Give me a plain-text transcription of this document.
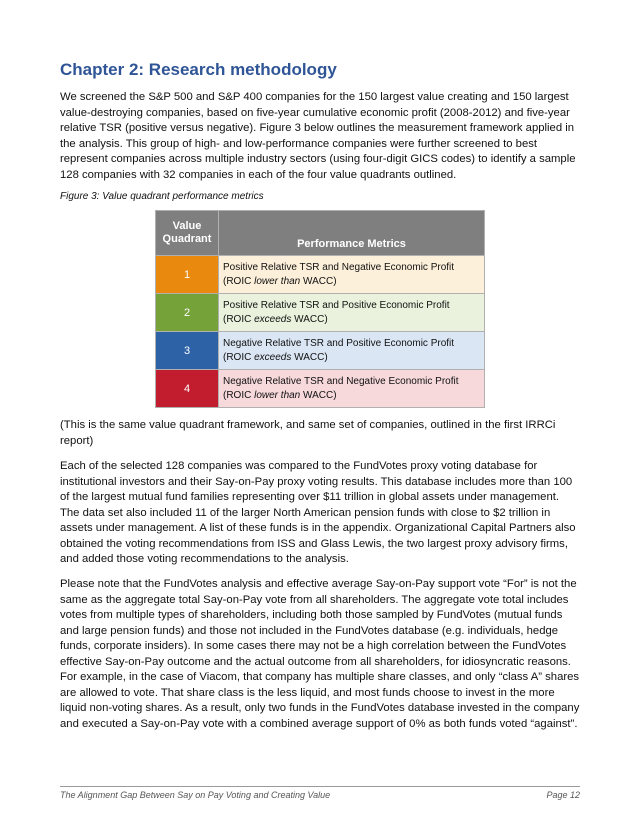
Chapter 2: Research methodology

We screened the S&P 500 and S&P 400 companies for the 150 largest value creating and 150 largest value-destroying companies, based on five-year cumulative economic profit (2008-2012) and five-year relative TSR (positive versus negative). Figure 3 below outlines the measurement framework applied in the analysis. This group of high- and low-performance companies were further screened to best represent companies across multiple industry sectors (using four-digit GICS codes) to identify a sample 128 companies with 32 companies in each of the four value quadrants outlined.

Figure 3: Value quadrant performance metrics

Value Quadrant	Performance Metrics
1	Positive Relative TSR and Negative Economic Profit
(ROIC lower than WACC)
2	Positive Relative TSR and Positive Economic Profit
(ROIC exceeds WACC)
3	Negative Relative TSR and Positive Economic Profit
(ROIC exceeds WACC)
4	Negative Relative TSR and Negative Economic Profit
(ROIC lower than WACC)

(This is the same value quadrant framework, and same set of companies, outlined in the first IRRCi report)

Each of the selected 128 companies was compared to the FundVotes proxy voting database for institutional investors and their Say-on-Pay proxy voting results. This database includes more than 100 of the largest mutual fund families representing over $11 trillion in global assets under management. The data set also included 11 of the larger North American pension funds with close to $2 trillion in assets under management. A list of these funds is in the appendix. Organizational Capital Partners also obtained the voting recommendations from ISS and Glass Lewis, the two largest proxy advisory firms, and added those voting recommendations to the analysis.

Please note that the FundVotes analysis and effective average Say-on-Pay support vote “For” is not the same as the aggregate total Say-on-Pay vote from all shareholders. The aggregate vote total includes votes from multiple types of shareholders, including both those sampled by FundVotes (mutual funds and large pension funds) and those not included in the FundVotes database (e.g. individuals, hedge funds, corporate insiders). In some cases there may not be a high correlation between the FundVotes effective Say-on-Pay outcome and the actual outcome from all shareholders, for idiosyncratic reasons. For example, in the case of Viacom, that company has multiple share classes, and only “class A” shares are allowed to vote. That share class is the less liquid, and most funds choose to invest in the more liquid non-voting shares. As a result, only two funds in the FundVotes database invested in the company and executed a Say-on-Pay vote with a combined average support of 0% as both funds voted “against”.

The Alignment Gap Between Say on Pay Voting and Creating Value	Page 12
